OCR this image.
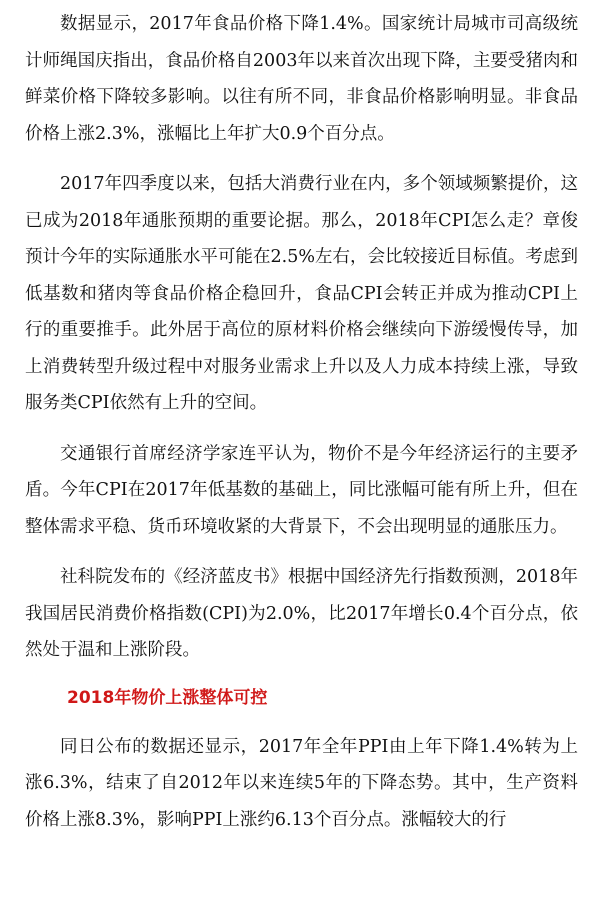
数据显示，2017年食品价格下降1.4%。国家统计局城市司高级统计师绳国庆指出，食品价格自2003年以来首次出现下降，主要受猪肉和鲜菜价格下降较多影响。以往有所不同，非食品价格影响明显。非食品价格上涨2.3%，涨幅比上年扩大0.9个百分点。

2017年四季度以来，包括大消费行业在内，多个领域频繁提价，这已成为2018年通胀预期的重要论据。那么，2018年CPI怎么走？章俊预计今年的实际通胀水平可能在2.5%左右，会比较接近目标值。考虑到低基数和猪肉等食品价格企稳回升，食品CPI会转正并成为推动CPI上行的重要推手。此外居于高位的原材料价格会继续向下游缓慢传导，加上消费转型升级过程中对服务业需求上升以及人力成本持续上涨，导致服务类CPI依然有上升的空间。

交通银行首席经济学家连平认为，物价不是今年经济运行的主要矛盾。今年CPI在2017年低基数的基础上，同比涨幅可能有所上升，但在整体需求平稳、货币环境收紧的大背景下，不会出现明显的通胀压力。

社科院发布的《经济蓝皮书》根据中国经济先行指数预测，2018年我国居民消费价格指数(CPI)为2.0%，比2017年增长0.4个百分点，依然处于温和上涨阶段。

2018年物价上涨整体可控

同日公布的数据还显示，2017年全年PPI由上年下降1.4%转为上涨6.3%，结束了自2012年以来连续5年的下降态势。其中，生产资料价格上涨8.3%，影响PPI上涨约6.13个百分点。涨幅较大的行
